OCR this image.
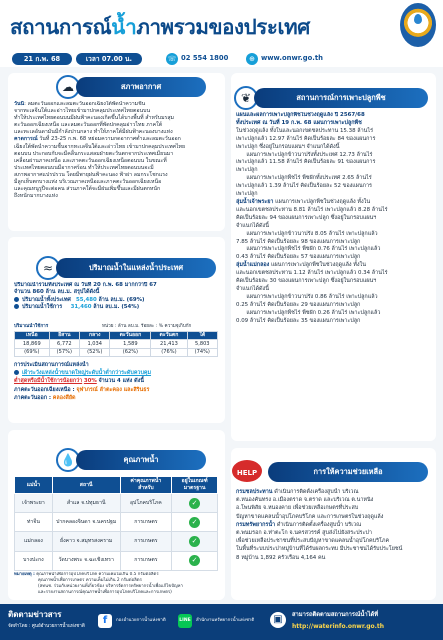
สถานการณ์น้ำภาพรวมของประเทศ
21 ก.พ. 68	เวลา 07.00 น.	☏ 02 554 1800	⊕ www.onwr.go.th
☁	สภาพอากาศ
วันนี้: ลมตะวันออกและลมตะวันออกเฉียงใต้พัดนำความชื้น
จากทะเลจีนใต้และอ่าวไทยเข้ามาปกคลุมประเทศไทยตอนบน
ทำให้ประเทศไทยตอนบนมีฝนฟ้าคะนองเกิดขึ้นได้บางพื้นที่ สำหรับมรสุม
ตะวันออกเฉียงเหนือ และลมตะวันออกที่พัดปกคลุมอ่าวไทย ภาคใต้
และทะเลอันดามันมีกำลังปานกลาง ทำให้ภาคใต้มีฝนฟ้าคะนองบางแห่ง
คาดการณ์ วันที่ 23-25 ก.พ. 68 หย่อมความกดอากาศต่ำและลมตะวันออก
เฉียงใต้พัดนำความชื้นจากทะเลจีนใต้และอ่าวไทย เข้ามาปกคลุมประเทศไทย
ตอนบน ประกอบกับจะมีคลื่นกระแสลมฝ่ายตะวันตกจากประเทศเมียนมา
เคลื่อนผ่านภาคเหนือ และภาคตะวันออกเฉียงเหนือตอนบน ในขณะที่
ประเทศไทยตอนบนมีอากาศร้อน ทำให้ประเทศไทยตอนบนจะมี
สภาพอากาศแปรปรวน โดยมีพายุฝนฟ้าคะนอง ฟ้าผ่า ลมกระโชกแรง
มีลูกเห็บตกบางแห่ง บริเวณภาคเหนือและภาคตะวันออกเฉียงเหนือ
และคุณหนูรูปีจะต่อคน ส่วนภาคใต้จะมีฝนเพิ่มขึ้นและมีฝนตกหนัก
ถึงหนักมากบางแห่ง
≈	ปริมาณน้ำในแหล่งน้ำประเทศ
ปริมาณน้ำรวมทั้งประเทศ ณ วันที่ 20 ก.พ. 68 มากกว่าปี 67
จำนวน 860 ล้าน ลบ.ม. สรุปได้ดังนี้
ปริมาณน้ำทั้งประเทศ 55,480 ล้าน ลบ.ม. (69%)
ปริมาณน้ำใช้การ 31,460 ล้าน ลบ.ม. (54%)
ปริมาณน้ำใช้การ	หน่วย : ล้าน ลบ.ม. ร้อยละ : % ความจุเก็บกัก
เหนือ	อีสาน	กลาง	ตะวันออก	ตะวันตก	ใต้
18,869	6,772	1,034	1,589	21,413	5,803
(69%)	(57%)	(52%)	(62%)	(76%)	(74%)
การประเมินสถานการณ์แหล่งน้ำ
เฝ้าระวังแหล่งน้ำขนาดใหญ่ระดับน้ำต่ำกว่าระดับควบคุม
ต่ำสุดหรือมีน้ำใช้การน้อยกว่า 30% จำนวน 4 แห่ง ดังนี้
ภาคตะวันออกเฉียงเหนือ : จุฬาภรณ์ ลำตะคอง และสิรินธร
ภาคตะวันออก : คลองสียัด
💧	คุณภาพน้ำ
แม่น้ำ	สถานี	ค่าคุณภาพน้ำ
สำหรับ	อยู่ในเกณฑ์
มาตรฐาน
เจ้าพระยา	สำแล จ.ปทุมธานี	อุปโภคบริโภค	✓
ท่าจีน	ปากคลองจินดา จ.นครปฐม	การเกษตร	✓
แม่กลอง	ยั่งคาว จ.สมุทรสงคราม	การเกษตร	✓
บางปะกง	วัดบางพระ จ.ฉะเชิงเทรา	การเกษตร	✓
หมายเหตุ : คุณภาพน้ำเพื่อการอุปโภคบริโภค ความเค็มไม่เกิน 0.5 กรัมต่อลิตร
คุณภาพน้ำเพื่อการเกษตร ความเค็มไม่เกิน 2 กรัมต่อลิตร
(สทนช. ร่วมกับหน่วยงานที่เกี่ยวข้อง บริหารจัดการทรัพยากรน้ำเพื่อแก้ไขปัญหา
และรายงานสถานการณ์คุณภาพน้ำเพื่อการอุปโภคบริโภคและการเกษตร)
❦	สถานการณ์การเพาะปลูกพืช
แผนและผลการเพาะปลูกพืชในช่วงฤดูแล้ง ปี 2567/68
ทั้งประเทศ ณ วันที่ 19 ก.พ. 68 แผนการเพาะปลูกพืช
ในช่วงฤดูแล้ง ทั้งในและนอกเขตชลประทาน 15.38 ล้านไร่
เพาะปลูกแล้ว 12.97 ล้านไร่ คิดเป็นร้อยละ 84 ของแผนการ
เพาะปลูก ซึ่งอยู่ในกรอบแผนฯ จำแนกได้ดังนี้
แผนการเพาะปลูกข้าวนาปรังทั้งประเทศ 12.73 ล้านไร่
เพาะปลูกแล้ว 11.58 ล้านไร่ คิดเป็นร้อยละ 91 ของแผนการ
เพาะปลูก
แผนการเพาะปลูกพืชไร่ พืชผักทั้งประเทศ 2.65 ล้านไร่
เพาะปลูกแล้ว 1.39 ล้านไร่ คิดเป็นร้อยละ 52 ของแผนการ
เพาะปลูก
ลุ่มน้ำเจ้าพระยา แผนการเพาะปลูกพืชในช่วงฤดูแล้ง ทั้งใน
และนอกเขตชลประทาน 8.81 ล้านไร่ เพาะปลูกแล้ว 8.28 ล้านไร่
คิดเป็นร้อยละ 94 ของแผนการเพาะปลูก ซึ่งอยู่ในกรอบแผนฯ
จำแนกได้ดังนี้
แผนการเพาะปลูกข้าวนาปรัง 8.05 ล้านไร่ เพาะปลูกแล้ว
7.85 ล้านไร่ คิดเป็นร้อยละ 98 ของแผนการเพาะปลูก
แผนการเพาะปลูกพืชไร่ พืชผัก 0.76 ล้านไร่ เพาะปลูกแล้ว
0.43 ล้านไร่ คิดเป็นร้อยละ 57 ของแผนการเพาะปลูก
ลุ่มน้ำแม่กลอง แผนการเพาะปลูกพืชในช่วงฤดูแล้ง ทั้งใน
และนอกเขตชลประทาน 1.12 ล้านไร่ เพาะปลูกแล้ว 0.34 ล้านไร่
คิดเป็นร้อยละ 30 ของแผนการเพาะปลูก ซึ่งอยู่ในกรอบแผนฯ
จำแนกได้ดังนี้
แผนการเพาะปลูกข้าวนาปรัง 0.86 ล้านไร่ เพาะปลูกแล้ว
0.25 ล้านไร่ คิดเป็นร้อยละ 29 ของแผนการเพาะปลูก
แผนการเพาะปลูกพืชไร่ พืชผัก 0.26 ล้านไร่ เพาะปลูกแล้ว
0.09 ล้านไร่ คิดเป็นร้อยละ 35 ของแผนการเพาะปลูก
HELP	การให้ความช่วยเหลือ
กรมชลประทาน ดำเนินการติดตั้งเครื่องสูบน้ำ บริเวณ
ต.หนองคันทรง อ.เมืองตราด จ.ตราด และบริเวณ ต.นาหนิง
อ.โพนพิสัย จ.หนองคาย เพื่อช่วยเหลือเกษตรที่ประสบ
ปัญหาขาดแคลนน้ำอุปโภคบริโภค และการเกษตรในช่วงฤดูแล้ง
กรมทรัพยากรน้ำ ดำเนินการติดตั้งเครื่องสูบน้ำ บริเวณ
ต.พนมรอก อ.ท่าตะโก จ.นครสวรรค์ สูบส่งไปยังสระประปา
เพื่อช่วยเหลือประชาชนที่ประสบปัญหาขาดแคลนน้ำอุปโภคบริโภค
ในพื้นที่ระบบประปาหมู่บ้านที่ได้รับผลกระทบ มีประชาชนได้รับประโยชน์
8 หมู่บ้าน 1,892 ครัวเรือน 4,164 คน
ติดตามข่าวสาร
จัดทำโดย : ศูนย์อำนวยการน้ำแห่งชาติ
f	กองอำนวยการน้ำแห่งชาติ	LINE สำนักงานทรัพยากรน้ำแห่งชาติ	▣	สามารถติดตามสถานการณ์น้ำได้ที่
http://waterinfo.onwr.go.th
